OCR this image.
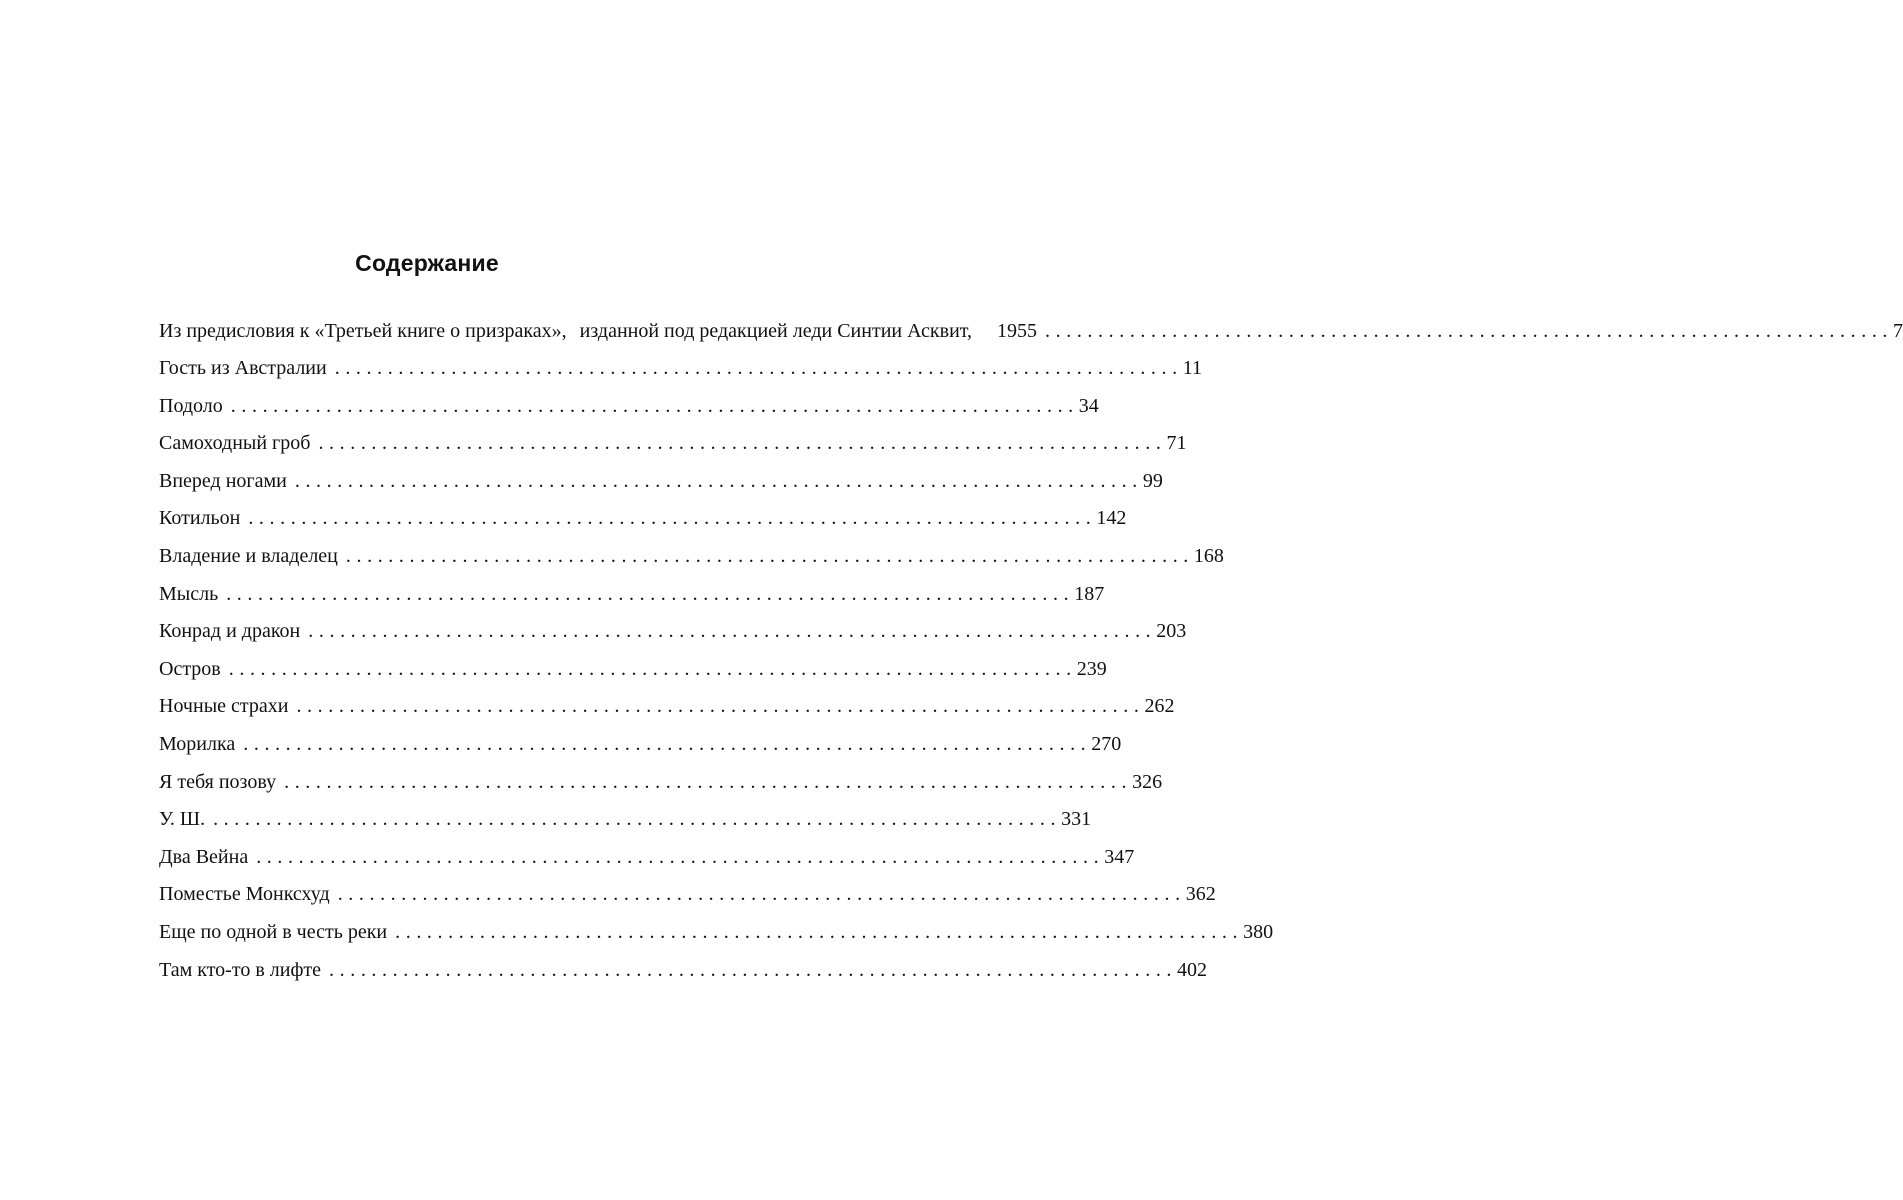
Содержание
Из предисловия к «Третьей книге о призраках», изданной под редакцией леди Синтии Асквит, 1955 ................................................................................ 7
Гость из Австралии ................................................................................ 11
Подоло ................................................................................ 34
Самоходный гроб ................................................................................ 71
Вперед ногами ................................................................................ 99
Котильон ................................................................................ 142
Владение и владелец ................................................................................ 168
Мысль ................................................................................ 187
Конрад и дракон ................................................................................ 203
Остров ................................................................................ 239
Ночные страхи ................................................................................ 262
Морилка ................................................................................ 270
Я тебя позову ................................................................................ 326
У. Ш. ................................................................................ 331
Два Вейна ................................................................................ 347
Поместье Монксхуд ................................................................................ 362
Еще по одной в честь реки ................................................................................ 380
Там кто-то в лифте ................................................................................ 402
